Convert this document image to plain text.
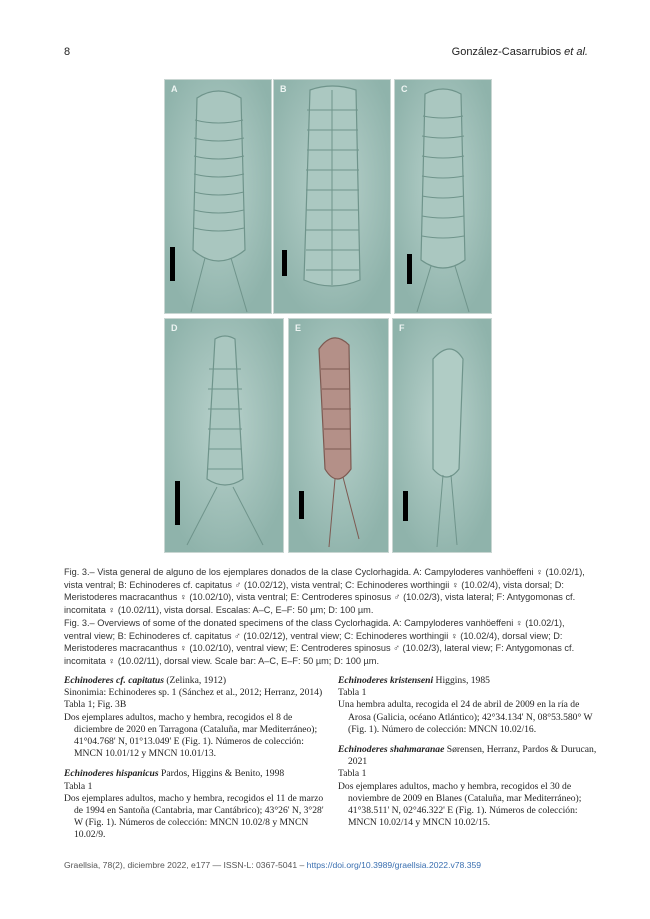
8	González-Casarrubios et al.
A	B	C
D	E	F
Fig. 3.– Vista general de alguno de los ejemplares donados de la clase Cyclorhagida. A: Campyloderes vanhöeffeni ♀ (10.02/1), vista ventral; B: Echinoderes cf. capitatus ♂ (10.02/12), vista ventral; C: Echinoderes worthingii ♀ (10.02/4), vista dorsal; D: Meristoderes macracanthus ♀ (10.02/10), vista ventral; E: Centroderes spinosus ♂ (10.02/3), vista lateral; F: Antygomonas cf. incomitata ♀ (10.02/11), vista dorsal. Escalas: A–C, E–F: 50 µm; D: 100 µm.
Fig. 3.– Overviews of some of the donated specimens of the class Cyclorhagida. A: Campyloderes vanhöeffeni ♀ (10.02/1), ventral view; B: Echinoderes cf. capitatus ♂ (10.02/12), ventral view; C: Echinoderes worthingii ♀ (10.02/4), dorsal view; D: Meristoderes macracanthus ♀ (10.02/10), ventral view; E: Centroderes spinosus ♂ (10.02/3), lateral view; F: Antygomonas cf. incomitata ♀ (10.02/11), dorsal view. Scale bar: A–C, E–F: 50 µm; D: 100 µm.

Echinoderes cf. capitatus (Zelinka, 1912)

Sinonimia: Echinoderes sp. 1 (Sánchez et al., 2012; Herranz, 2014)

Tabla 1; Fig. 3B

Dos ejemplares adultos, macho y hembra, recogidos el 8 de diciembre de 2020 en Tarragona (Cataluña, mar Mediterráneo); 41°04.768' N, 01°13.049' E (Fig. 1). Números de colección: MNCN 10.01/12 y MNCN 10.01/13.

Echinoderes hispanicus Pardos, Higgins & Benito, 1998

Tabla 1

Dos ejemplares adultos, macho y hembra, recogidos el 11 de marzo de 1994 en Santoña (Cantabria, mar Cantábrico); 43°26' N, 3°28' W (Fig. 1). Números de colección: MNCN 10.02/8 y MNCN 10.02/9.

Echinoderes kristenseni Higgins, 1985

Tabla 1

Una hembra adulta, recogida el 24 de abril de 2009 en la ría de Arosa (Galicia, océano Atlántico); 42°34.134' N, 08°53.580° W (Fig. 1). Número de colección: MNCN 10.02/16.

Echinoderes shahmaranae Sørensen, Herranz, Pardos & Durucan, 2021

Tabla 1

Dos ejemplares adultos, macho y hembra, recogidos el 30 de noviembre de 2009 en Blanes (Cataluña, mar Mediterráneo); 41°38.511' N, 02°46.322' E (Fig. 1). Números de colección: MNCN 10.02/14 y MNCN 10.02/15.

Graellsia, 78(2), diciembre 2022, e177 — ISSN-L: 0367-5041 – https://doi.org/10.3989/graellsia.2022.v78.359
